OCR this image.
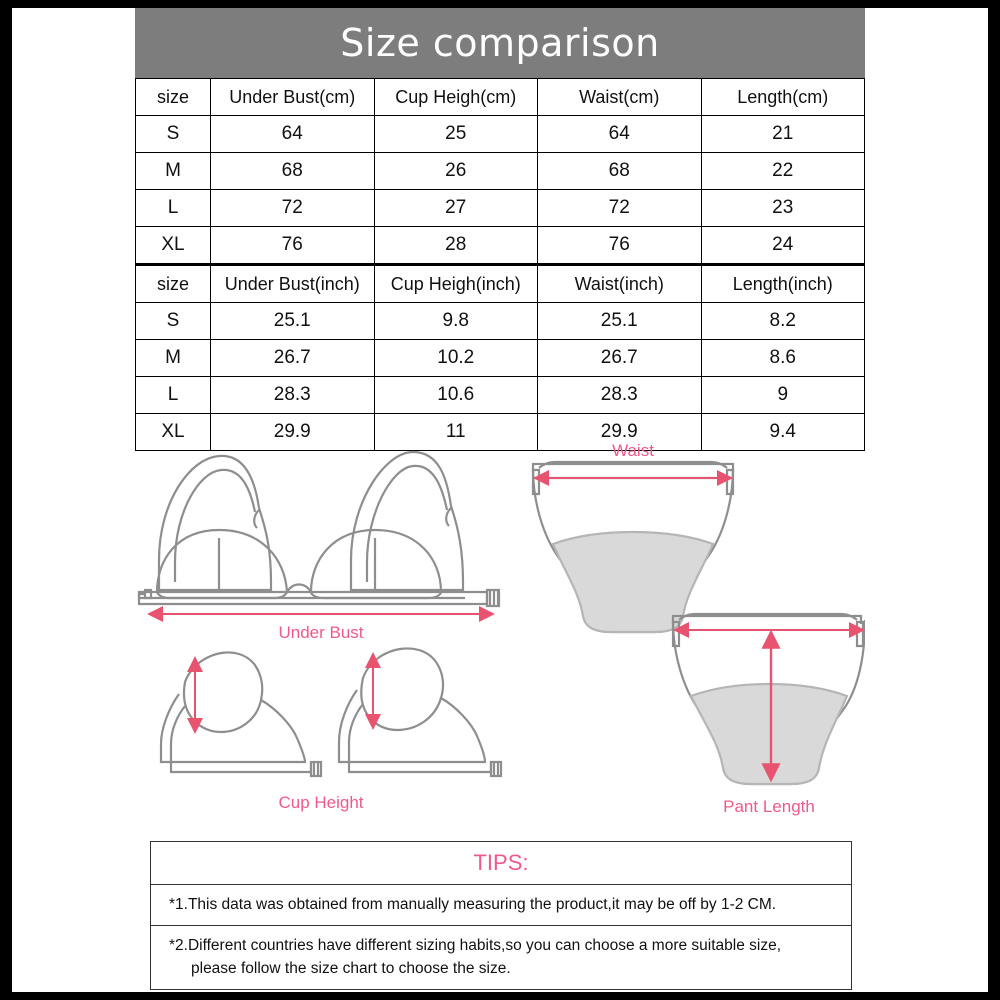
Size comparison
size	Under Bust(cm)	Cup Heigh(cm)	Waist(cm)	Length(cm)
S	64	25	64	21
M	68	26	68	22
L	72	27	72	23
XL	76	28	76	24
size	Under Bust(inch)	Cup Heigh(inch)	Waist(inch)	Length(inch)
S	25.1	9.8	25.1	8.2
M	26.7	10.2	26.7	8.6
L	28.3	10.6	28.3	9
XL	29.9	11	29.9	9.4
Under Bust
Cup Height
Waist
Pant Length
TIPS:
*1.This data was obtained from manually measuring the product,it may be off by 1-2 CM.
*2.Different countries have different sizing habits,so you can choose a more suitable size,
please follow the size chart to choose the size.
